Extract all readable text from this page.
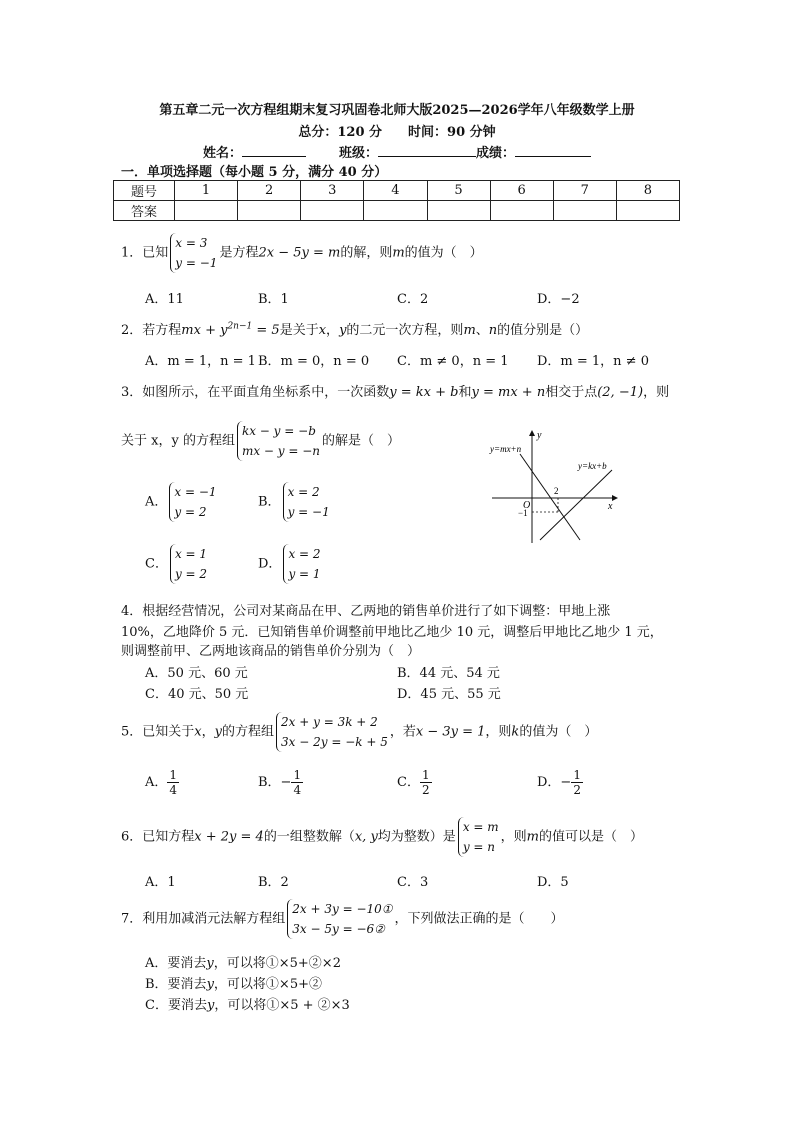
第五章二元一次方程组期末复习巩固卷北师大版2025—2026学年八年级数学上册
总分：120 分　　时间：90 分钟
姓名：	班级：	成绩：
一．单项选择题（每小题 5 分，满分 40 分）
题号	1	2	3	4	5	6	7	8
答案								
1．已知
x = 3
y = −1
是方程2x − 5y = m的解，则m的值为（　）
A．11	B．1	C．2	D．−2
2．若方程mx + $y^{2n-1} = 5$是关于x，y的二元一次方程，则m、n的值分别是（）
A．m = 1，n = 1 B．m = 0，n = 0 C．m ≠ 0，n = 1 D．m = 1，n ≠ 0
3．如图所示，在平面直角坐标系中，一次函数y = kx + b和y = mx + n相交于点(2, −1)，则
关于 x，y 的方程组
kx − y = −b
mx − y = −n
的解是（　）
A．
x = −1
y = 2
B．
x = 2
y = −1
C．
x = 1
y = 2
D．
x = 2
y = 1
y
x
O
2
−1
y=mx+n
y=kx+b
4．根据经营情况，公司对某商品在甲、乙两地的销售单价进行了如下调整：甲地上涨
10%，乙地降价 5 元．已知销售单价调整前甲地比乙地少 10 元，调整后甲地比乙地少 1 元，
则调整前甲、乙两地该商品的销售单价分别为（　）
A．50 元、60 元	B．44 元、54 元
C．40 元、50 元	D．45 元、55 元
5．已知关于x，y的方程组
2x + y = 3k + 2
3x − 2y = −k + 5
，若x − 3y = 1，则k的值为（　）
A． $\frac{1}{4}$	B．− $\frac{1}{4}$	C． $\frac{1}{2}$	D．− $\frac{1}{2}$
6．已知方程x + 2y = 4的一组整数解（x, y均为整数）是
x = m
y = n
，则m的值可以是（　）
A．1	B．2	C．3	D．5
7．利用加减消元法解方程组
2x + 3y = −10①
3x − 5y = −6②
，下列做法正确的是（　　）
A．要消去y，可以将①×5+②×2
B．要消去y，可以将①×5+②
C．要消去y，可以将①×5 + ②×3
